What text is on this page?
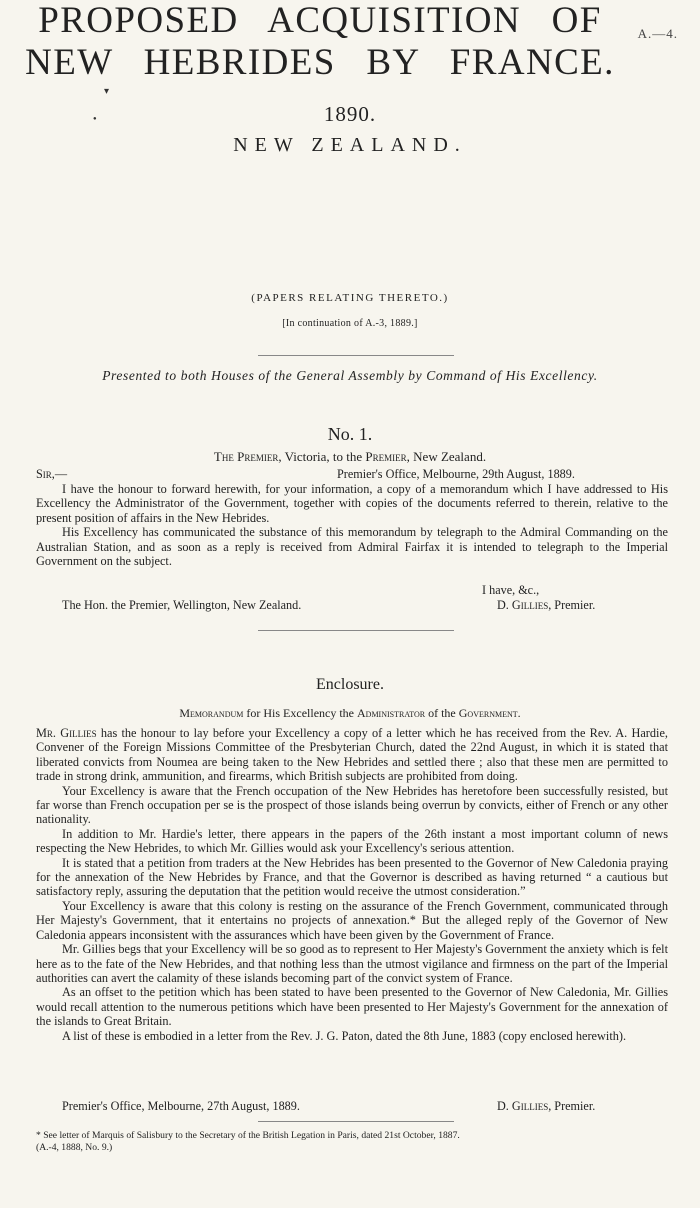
A.—4.
▾
●	1890.
NEW ZEALAND.
PROPOSED ACQUISITION OF NEW HEBRIDES BY FRANCE.
(PAPERS RELATING THERETO.)
[In continuation of A.-3, 1889.]
Presented to both Houses of the General Assembly by Command of His Excellency.
No. 1.
The Premier, Victoria, to the Premier, New Zealand.
Sir,—	Premier's Office, Melbourne, 29th August, 1889.

I have the honour to forward herewith, for your information, a copy of a memorandum which I have addressed to His Excellency the Administrator of the Government, together with copies of the documents referred to therein, relative to the present position of affairs in the New Hebrides.

His Excellency has communicated the substance of this memorandum by telegraph to the Admiral Commanding on the Australian Station, and as soon as a reply is received from Admiral Fairfax it is intended to telegraph to the Imperial Government on the subject.

I have, &c.,
The Hon. the Premier, Wellington, New Zealand.	D. Gillies, Premier.
Enclosure.
Memorandum for His Excellency the Administrator of the Government.

Mr. Gillies has the honour to lay before your Excellency a copy of a letter which he has received from the Rev. A. Hardie, Convener of the Foreign Missions Committee of the Presbyterian Church, dated the 22nd August, in which it is stated that liberated convicts from Noumea are being taken to the New Hebrides and settled there ; also that these men are permitted to trade in strong drink, ammunition, and firearms, which British subjects are prohibited from doing.

Your Excellency is aware that the French occupation of the New Hebrides has heretofore been successfully resisted, but far worse than French occupation per se is the prospect of those islands being overrun by convicts, either of French or any other nationality.

In addition to Mr. Hardie's letter, there appears in the papers of the 26th instant a most important column of news respecting the New Hebrides, to which Mr. Gillies would ask your Excellency's serious attention.

It is stated that a petition from traders at the New Hebrides has been presented to the Governor of New Caledonia praying for the annexation of the New Hebrides by France, and that the Governor is described as having returned “ a cautious but satisfactory reply, assuring the deputation that the petition would receive the utmost consideration.”

Your Excellency is aware that this colony is resting on the assurance of the French Government, communicated through Her Majesty's Government, that it entertains no projects of annexation.* But the alleged reply of the Governor of New Caledonia appears inconsistent with the assurances which have been given by the Government of France.

Mr. Gillies begs that your Excellency will be so good as to represent to Her Majesty's Government the anxiety which is felt here as to the fate of the New Hebrides, and that nothing less than the utmost vigilance and firmness on the part of the Imperial authorities can avert the calamity of these islands becoming part of the convict system of France.

As an offset to the petition which has been stated to have been presented to the Governor of New Caledonia, Mr. Gillies would recall attention to the numerous petitions which have been presented to Her Majesty's Government for the annexation of the islands to Great Britain.

A list of these is embodied in a letter from the Rev. J. G. Paton, dated the 8th June, 1883 (copy enclosed herewith).

Premier's Office, Melbourne, 27th August, 1889.	D. Gillies, Premier.

* See letter of Marquis of Salisbury to the Secretary of the British Legation in Paris, dated 21st October, 1887.

(A.-4, 1888, No. 9.)
